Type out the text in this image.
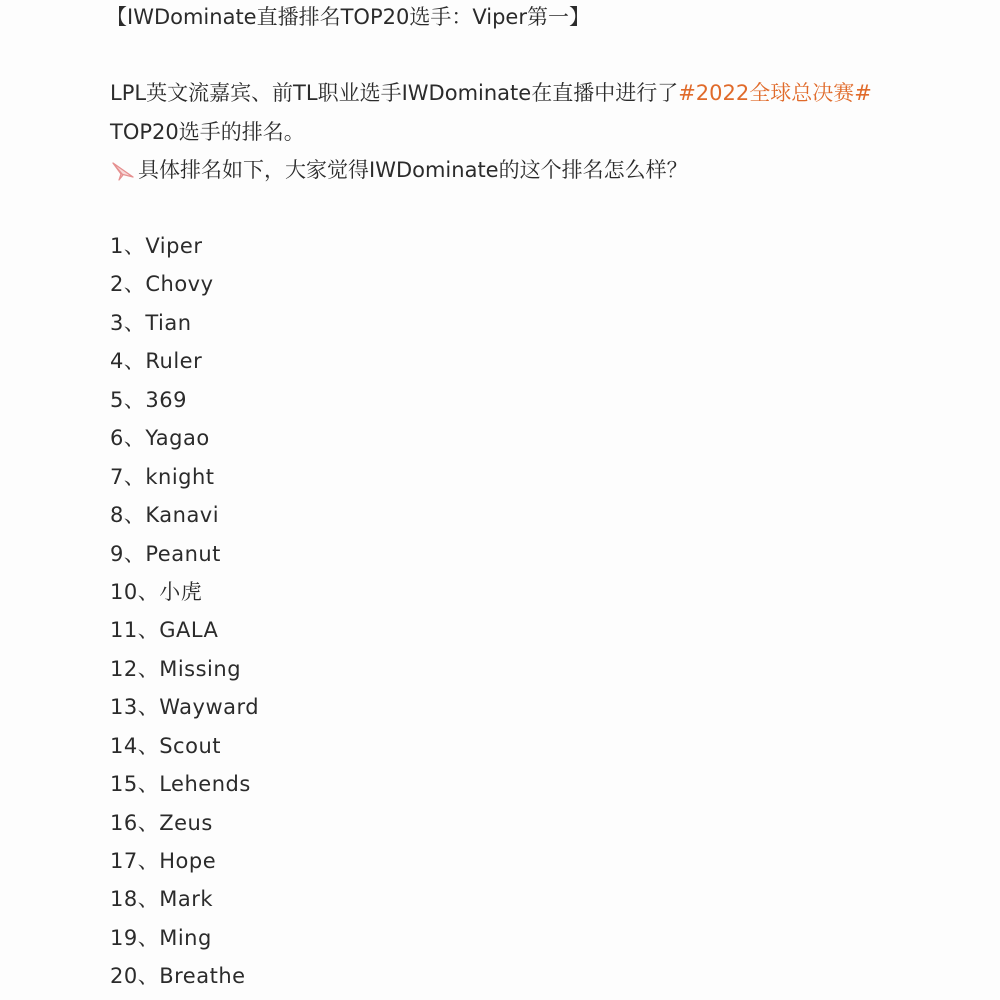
【IWDominate直播排名TOP20选手：Viper第一】
LPL英文流嘉宾、前TL职业选手IWDominate在直播中进行了#2022全球总决赛#
TOP20选手的排名。
具体排名如下，大家觉得IWDominate的这个排名怎么样？
1、Viper
2、Chovy
3、Tian
4、Ruler
5、369
6、Yagao
7、knight
8、Kanavi
9、Peanut
10、小虎
11、GALA
12、Missing
13、Wayward
14、Scout
15、Lehends
16、Zeus
17、Hope
18、Mark
19、Ming
20、Breathe
